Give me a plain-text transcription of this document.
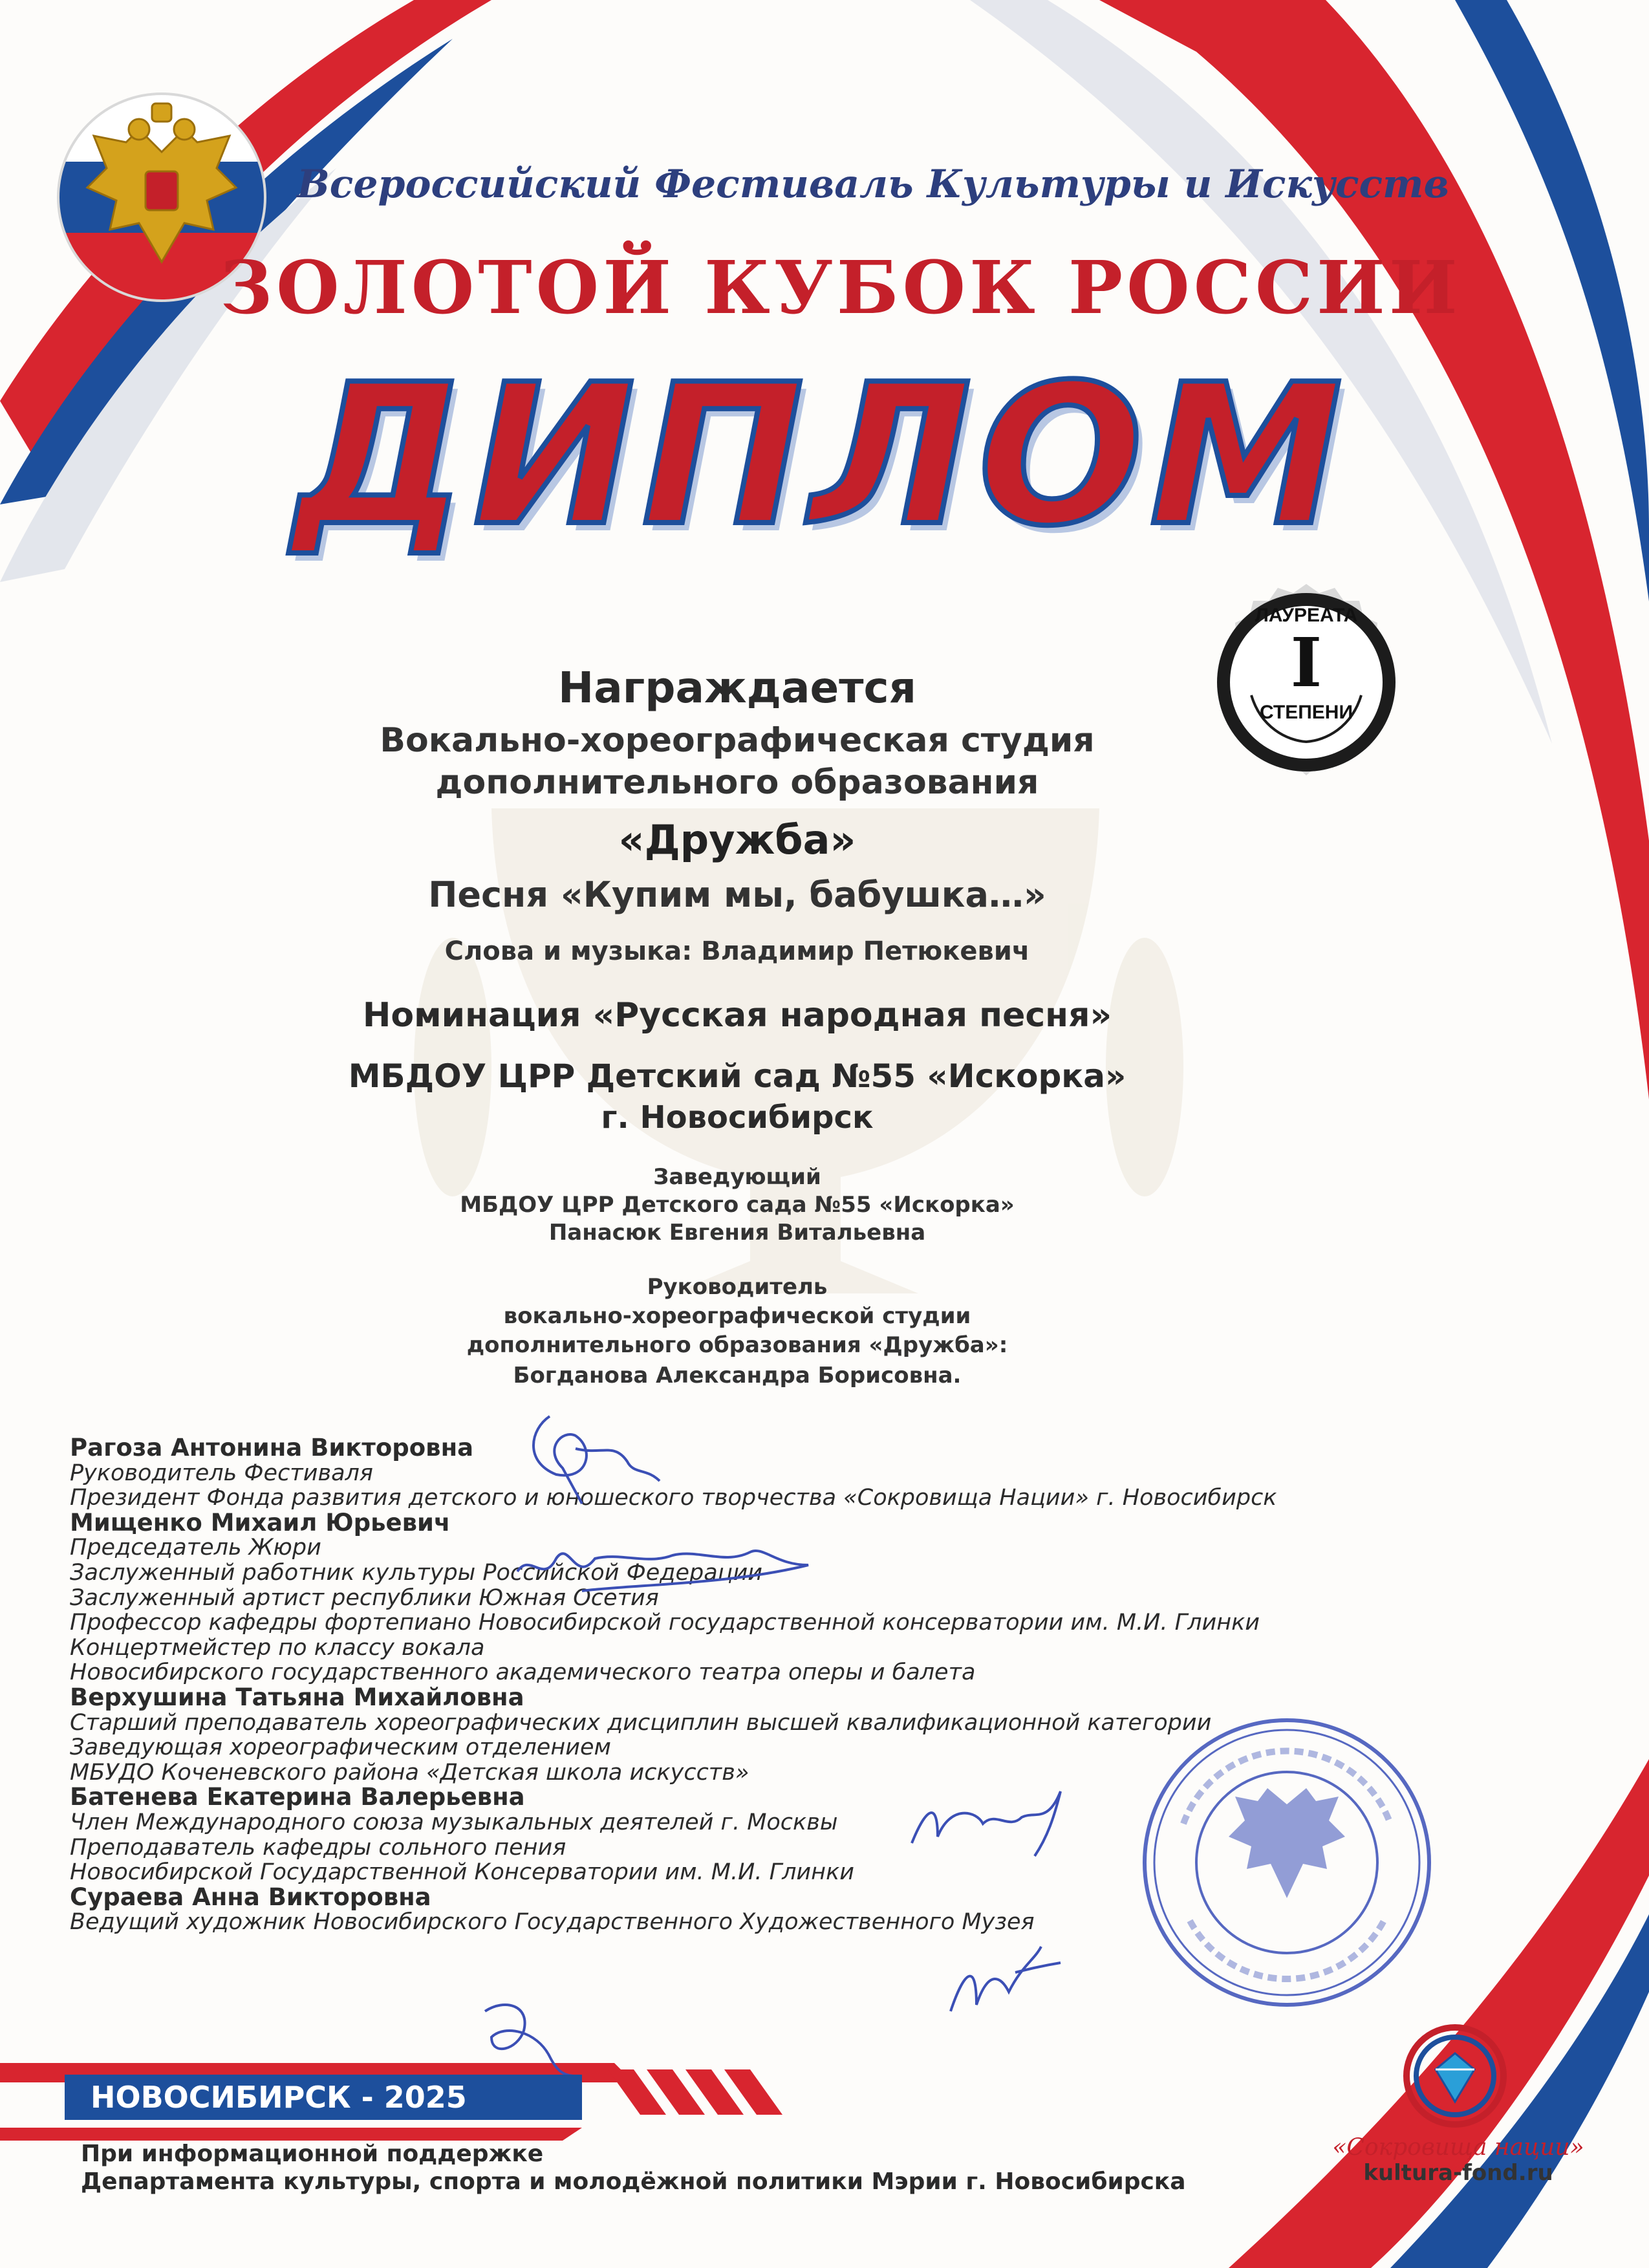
Всероссийский Фестиваль Культуры и Искусств
ЗОЛОТОЙ КУБОК РОССИИ
ДИПЛОМ
ЛАУРЕАТА
I
СТЕПЕНИ
Награждается
Вокально-хореографическая студия
дополнительного образования
«Дружба»
Песня «Купим мы, бабушка…»
Слова и музыка: Владимир Петюкевич
Номинация «Русская народная песня»
МБДОУ ЦРР Детский сад №55 «Искорка»
г. Новосибирск
Заведующий
МБДОУ ЦРР Детского сада №55 «Искорка»
Панасюк Евгения Витальевна
Руководитель
вокально-хореографической студии
дополнительного образования «Дружба»:
Богданова Александра Борисовна.
Рагоза Антонина Викторовна
Руководитель Фестиваля
Президент Фонда развития детского и юношеского творчества «Сокровища Нации» г. Новосибирск
Мищенко Михаил Юрьевич
Председатель Жюри
Заслуженный работник культуры Российской Федерации
Заслуженный артист республики Южная Осетия
Профессор кафедры фортепиано Новосибирской государственной консерватории им. М.И. Глинки
Концертмейстер по классу вокала
Новосибирского государственного академического театра оперы и балета
Верхушина Татьяна Михайловна
Старший преподаватель хореографических дисциплин высшей квалификационной категории
Заведующая хореографическим отделением
МБУДО Коченевского района «Детская школа искусств»
Батенева Екатерина Валерьевна
Член Международного союза музыкальных деятелей г. Москвы
Преподаватель кафедры сольного пения
Новосибирской Государственной Консерватории им. М.И. Глинки
Сураева Анна Викторовна
Ведущий художник Новосибирского Государственного Художественного Музея
НОВОСИБИРСК - 2025
При информационной поддержке
Департамента культуры, спорта и молодёжной политики Мэрии г. Новосибирска
«Сокровища нации»
kultura-fond.ru
